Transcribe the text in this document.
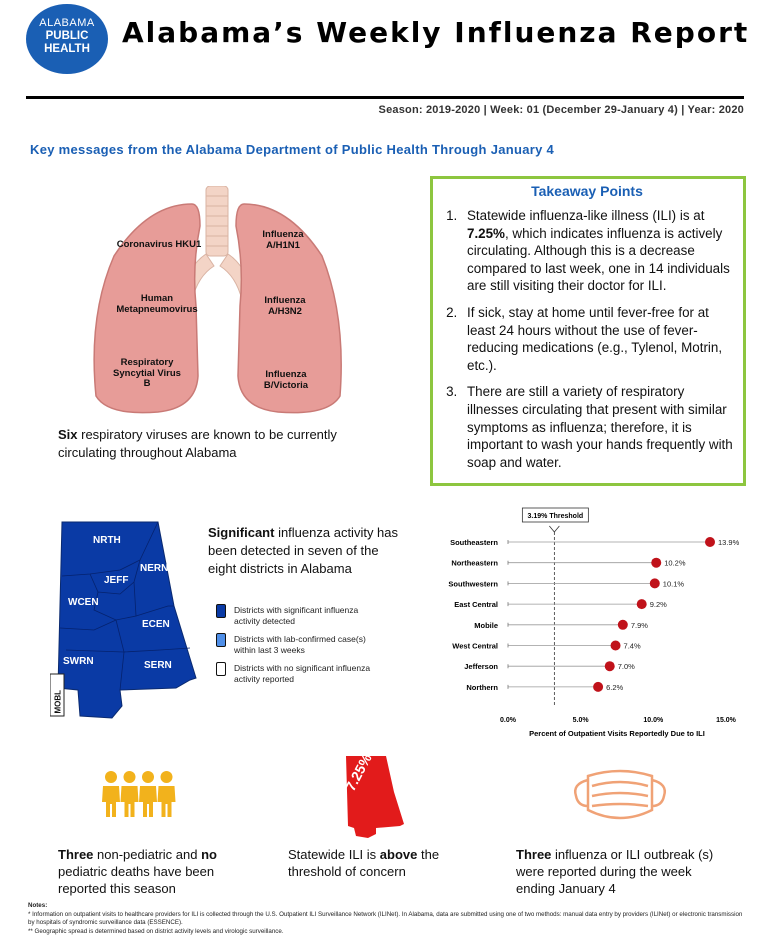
ALABAMA
PUBLIC
HEALTH	Alabama’s Weekly Influenza Report
Season: 2019-2020 | Week: 01 (December 29-January 4) | Year: 2020
Key messages from the Alabama Department of Public Health Through January 4
Coronavirus HKU1
Human Metapneumovirus
Respiratory Syncytial Virus B
Influenza A/H1N1
Influenza A/H3N2
Influenza B/Victoria
Six respiratory viruses are known to be currently circulating throughout Alabama
Takeaway Points
1. Statewide influenza-like illness (ILI) is at 7.25%, which indicates influenza is actively circulating. Although this is a decrease compared to last week, one in 14 individuals are still visiting their doctor for ILI.
2. If sick, stay at home until fever-free for at least 24 hours without the use of fever-reducing medications (e.g., Tylenol, Motrin, etc.).
3. There are still a variety of respiratory illnesses circulating that present with similar symptoms as influenza; therefore, it is important to wash your hands frequently with soap and water.
NRTH
NERN
JEFF
WCEN
ECEN
SWRN	SERN
MOBL
Significant influenza activity has been detected in seven of the eight districts in Alabama
Districts with significant influenza activity detected
Districts with lab-confirmed case(s) within last 3 weeks
Districts with no significant influenza activity reported
3.19% Threshold
Southeastern	13.9%
Northeastern	10.2%
Southwestern	10.1%
East Central	9.2%
Mobile	7.9%
West Central	7.4%
Jefferson	7.0%
Northern	6.2%
0.0%	5.0%	10.0%	15.0%
Percent of Outpatient Visits Reportedly Due to ILI
Three non-pediatric and no pediatric deaths have been reported this season
7.25%
Statewide ILI is above the threshold of concern
Three influenza or ILI outbreak (s) were reported during the week ending January 4
Notes:
* Information on outpatient visits to healthcare providers for ILI is collected through the U.S. Outpatient ILI Surveillance Network (ILINet). In Alabama, data are submitted using one of two methods: manual data entry by providers (ILINet) or electronic transmission by hospitals of syndromic surveillance data (ESSENCE).
** Geographic spread is determined based on district activity levels and virologic surveillance.
